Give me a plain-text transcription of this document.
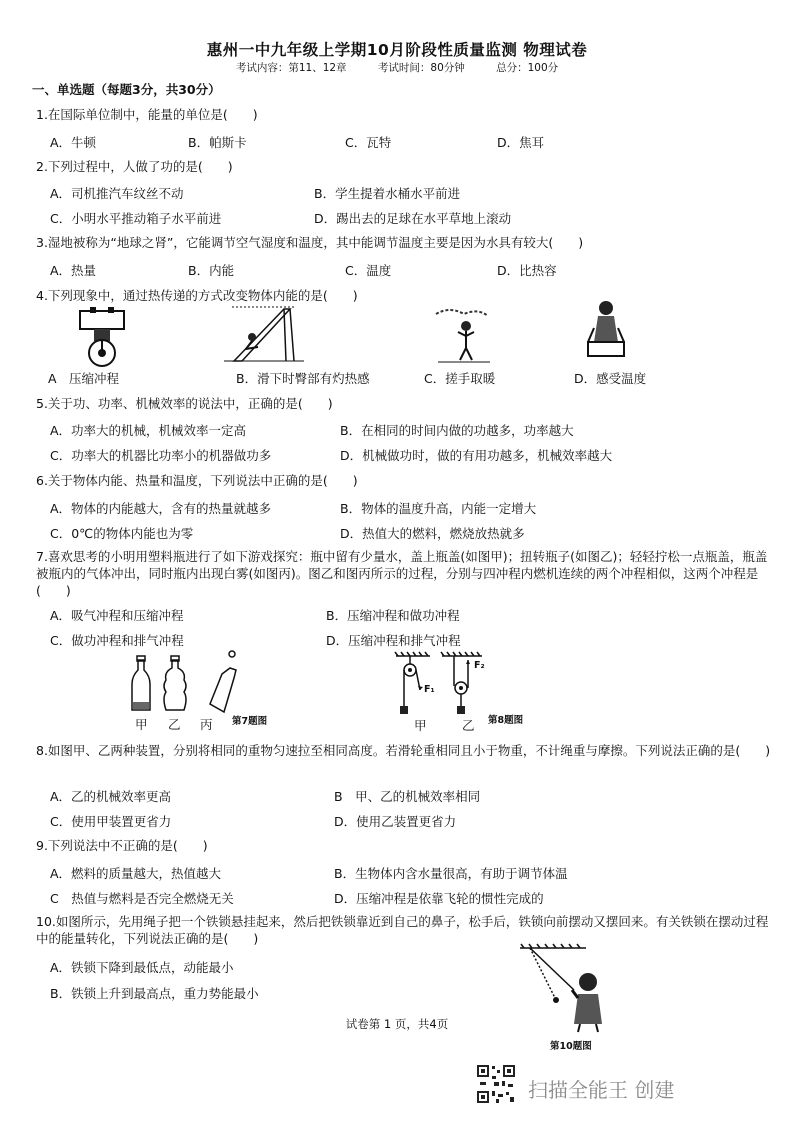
惠州一中九年级上学期10月阶段性质量监测 物理试卷
考试内容：第11、12章	考试时间：80分钟	总分：100分
一、单选题（每题3分，共30分）
1.在国际单位制中，能量的单位是(　　)
A．牛顿	B．帕斯卡	C．瓦特	D．焦耳
2.下列过程中，人做了功的是(　　)
A．司机推汽车纹丝不动	B．学生提着水桶水平前进
C．小明水平推动箱子水平前进	D．踢出去的足球在水平草地上滚动
3.湿地被称为“地球之肾”，它能调节空气湿度和温度，其中能调节温度主要是因为水具有较大(　　)
A．热量	B．内能	C．温度	D．比热容
4.下列现象中，通过热传递的方式改变物体内能的是(　　)
A　压缩冲程	B．滑下时臀部有灼热感	C．搓手取暖	D．感受温度
5.关于功、功率、机械效率的说法中，正确的是(　　)
A．功率大的机械，机械效率一定高	B．在相同的时间内做的功越多，功率越大
C．功率大的机器比功率小的机器做功多	D．机械做功时，做的有用功越多，机械效率越大
6.关于物体内能、热量和温度，下列说法中正确的是(　　)
A．物体的内能越大，含有的热量就越多	B．物体的温度升高，内能一定增大
C．0℃的物体内能也为零	D．热值大的燃料，燃烧放热就多
7.喜欢思考的小明用塑料瓶进行了如下游戏探究：瓶中留有少量水，盖上瓶盖(如图甲)；扭转瓶子(如图乙)；轻轻拧松一点瓶盖，瓶盖被瓶内的气体冲出，同时瓶内出现白雾(如图丙)。图乙和图丙所示的过程，分别与四冲程内燃机连续的两个冲程相似，这两个冲程是(　　)
A．吸气冲程和压缩冲程	B．压缩冲程和做功冲程
C．做功冲程和排气冲程	D．压缩冲程和排气冲程
甲 乙 丙 第7题图
F₁
F₂
甲	乙 第8题图
8.如图甲、乙两种装置，分别将相同的重物匀速拉至相同高度。若滑轮重相同且小于物重，不计绳重与摩擦。下列说法正确的是(　　)
A．乙的机械效率更高	B　甲、乙的机械效率相同
C．使用甲装置更省力	D．使用乙装置更省力
9.下列说法中不正确的是(　　)
A．燃料的质量越大，热值越大	B．生物体内含水量很高，有助于调节体温
C　热值与燃料是否完全燃烧无关	D．压缩冲程是依靠飞轮的惯性完成的
10.如图所示，先用绳子把一个铁锁悬挂起来，然后把铁锁靠近到自己的鼻子，松手后，铁锁向前摆动又摆回来。有关铁锁在摆动过程中的能量转化，下列说法正确的是(　　)
A．铁锁下降到最低点，动能最小
B．铁锁上升到最高点，重力势能最小
第10题图
试卷第 1 页，共4页
扫描全能王 创建
